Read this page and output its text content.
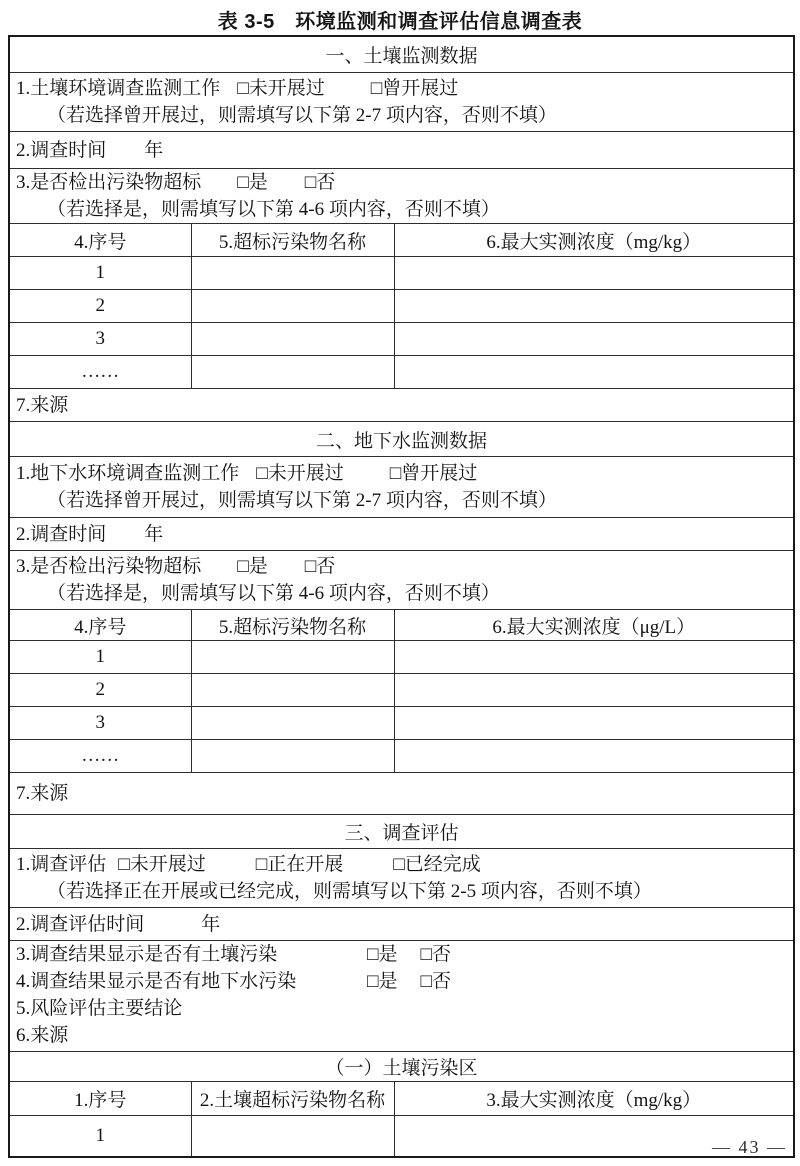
表 3-5　环境监测和调查评估信息调查表
一、土壤监测数据		

1.土壤环境调查监测工作 □未开展过 □曾开展过
（若选择曾开展过，则需填写以下第 2-7 项内容，否则不填）		

2.调查时间　　年		

3.是否检出污染物超标 □是 □否
（若选择是，则需填写以下第 4-6 项内容，否则不填）		

4.序号	5.超标污染物名称	6.最大实测浓度（mg/kg）
1		
2		
3		
……		

7.来源		

二、地下水监测数据		

1.地下水环境调查监测工作 □未开展过 □曾开展过
（若选择曾开展过，则需填写以下第 2-7 项内容，否则不填）		

2.调查时间　　年		

3.是否检出污染物超标 □是 □否
（若选择是，则需填写以下第 4-6 项内容，否则不填）		

4.序号	5.超标污染物名称	6.最大实测浓度（μg/L）
1		
2		
3		
……		

7.来源		

三、调查评估		

1.调查评估 □未开展过 □正在开展 □已经完成
（若选择正在开展或已经完成，则需填写以下第 2-5 项内容，否则不填）		

2.调查评估时间　　　年		

3.调查结果显示是否有土壤污染 □是 □否
4.调查结果显示是否有地下水污染 □是 □否
5.风险评估主要结论
6.来源		

（一）土壤污染区		
1.序号	2.土壤超标污染物名称	3.最大实测浓度（mg/kg）
1		
— 43 —
